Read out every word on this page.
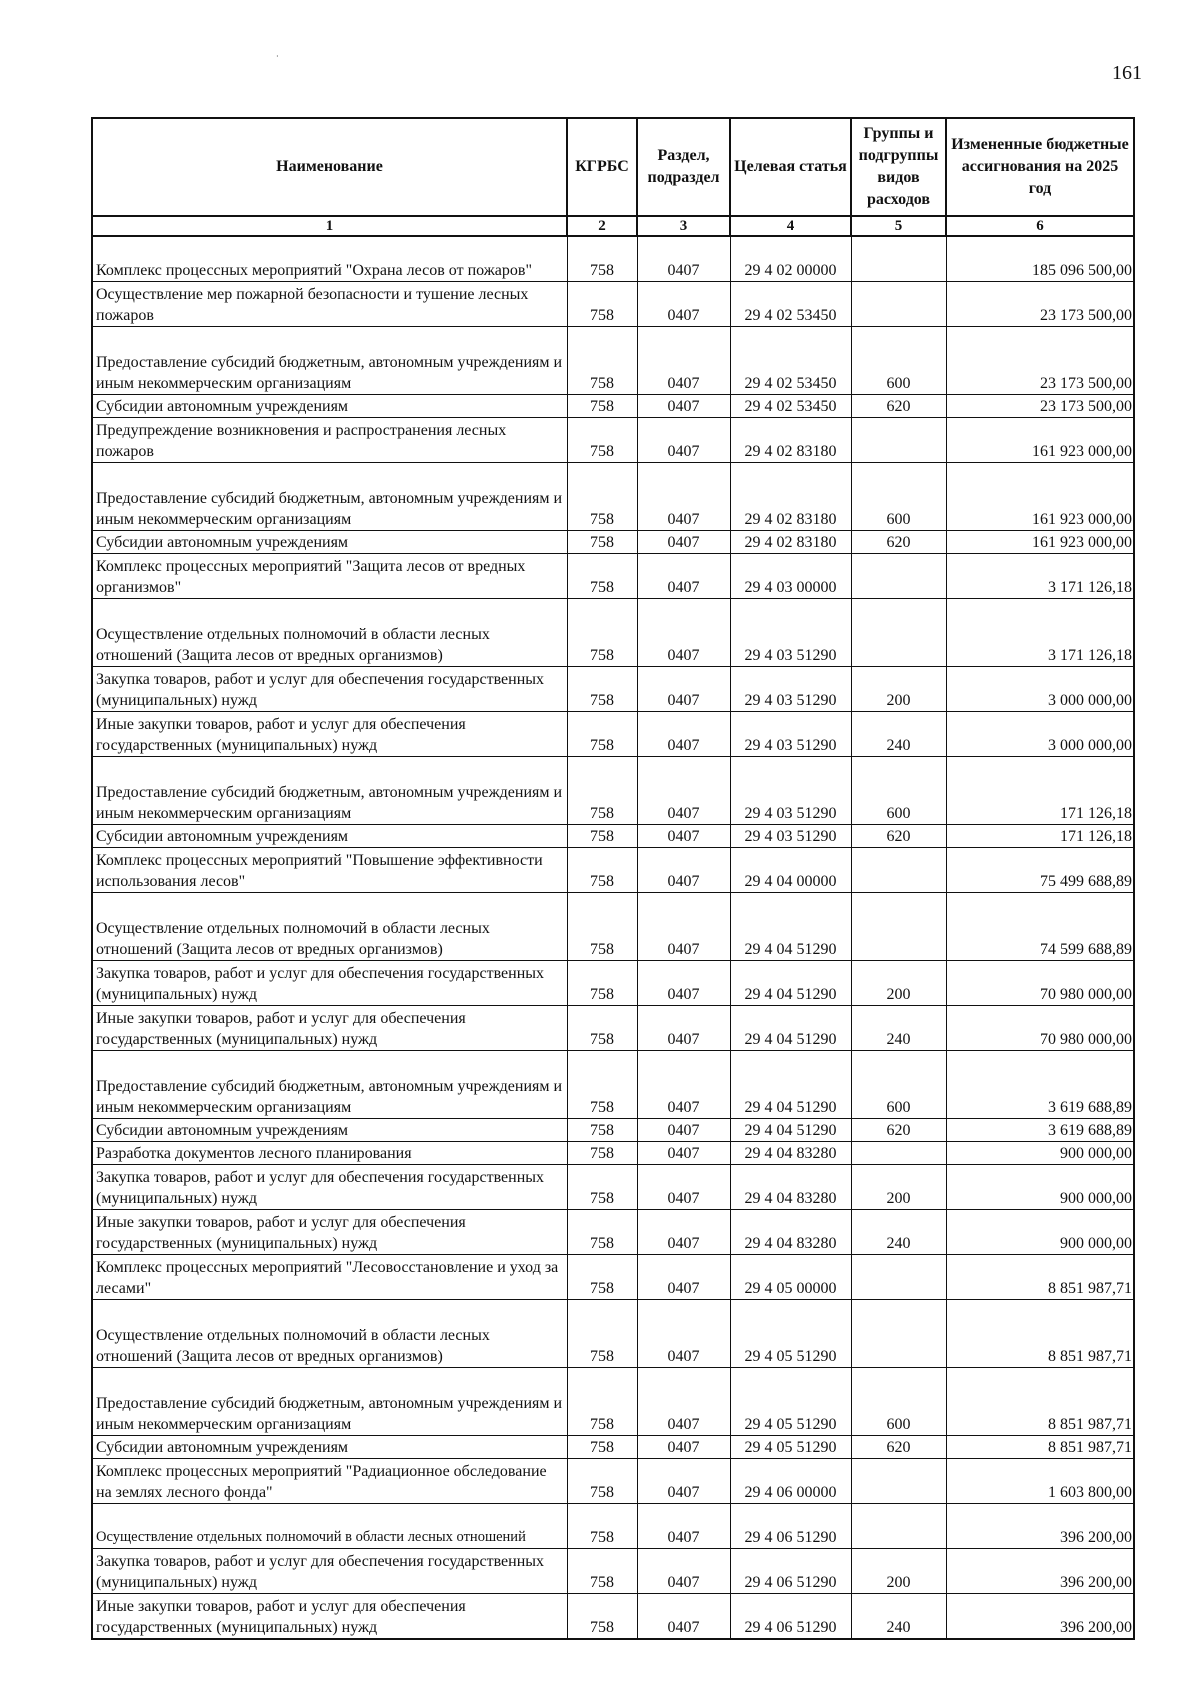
·
161
Наименование	КГРБС	Раздел, подраздел	Целевая статья	Группы и подгруппы видов расходов	Измененные бюджетные ассигнования на 2025 год
1	2	3	4	5	6
Комплекс процессных мероприятий "Охрана лесов от пожаров"	758	0407	29 4 02 00000		185 096 500,00
Осуществление мер пожарной безопасности и тушение лесных пожаров	758	0407	29 4 02 53450		23 173 500,00
Предоставление субсидий бюджетным, автономным учреждениям и иным некоммерческим организациям	758	0407	29 4 02 53450	600	23 173 500,00
Субсидии автономным учреждениям	758	0407	29 4 02 53450	620	23 173 500,00
Предупреждение возникновения и распространения лесных пожаров	758	0407	29 4 02 83180		161 923 000,00
Предоставление субсидий бюджетным, автономным учреждениям и иным некоммерческим организациям	758	0407	29 4 02 83180	600	161 923 000,00
Субсидии автономным учреждениям	758	0407	29 4 02 83180	620	161 923 000,00
Комплекс процессных мероприятий "Защита лесов от вредных организмов"	758	0407	29 4 03 00000		3 171 126,18
Осуществление отдельных полномочий в области лесных отношений (Защита лесов от вредных организмов)	758	0407	29 4 03 51290		3 171 126,18
Закупка товаров, работ и услуг для обеспечения государственных (муниципальных) нужд	758	0407	29 4 03 51290	200	3 000 000,00
Иные закупки товаров, работ и услуг для обеспечения государственных (муниципальных) нужд	758	0407	29 4 03 51290	240	3 000 000,00
Предоставление субсидий бюджетным, автономным учреждениям и иным некоммерческим организациям	758	0407	29 4 03 51290	600	171 126,18
Субсидии автономным учреждениям	758	0407	29 4 03 51290	620	171 126,18
Комплекс процессных мероприятий "Повышение эффективности использования лесов"	758	0407	29 4 04 00000		75 499 688,89
Осуществление отдельных полномочий в области лесных отношений (Защита лесов от вредных организмов)	758	0407	29 4 04 51290		74 599 688,89
Закупка товаров, работ и услуг для обеспечения государственных (муниципальных) нужд	758	0407	29 4 04 51290	200	70 980 000,00
Иные закупки товаров, работ и услуг для обеспечения государственных (муниципальных) нужд	758	0407	29 4 04 51290	240	70 980 000,00
Предоставление субсидий бюджетным, автономным учреждениям и иным некоммерческим организациям	758	0407	29 4 04 51290	600	3 619 688,89
Субсидии автономным учреждениям	758	0407	29 4 04 51290	620	3 619 688,89
Разработка документов лесного планирования	758	0407	29 4 04 83280		900 000,00
Закупка товаров, работ и услуг для обеспечения государственных (муниципальных) нужд	758	0407	29 4 04 83280	200	900 000,00
Иные закупки товаров, работ и услуг для обеспечения государственных (муниципальных) нужд	758	0407	29 4 04 83280	240	900 000,00
Комплекс процессных мероприятий "Лесовосстановление и уход за лесами"	758	0407	29 4 05 00000		8 851 987,71
Осуществление отдельных полномочий в области лесных отношений (Защита лесов от вредных организмов)	758	0407	29 4 05 51290		8 851 987,71
Предоставление субсидий бюджетным, автономным учреждениям и иным некоммерческим организациям	758	0407	29 4 05 51290	600	8 851 987,71
Субсидии автономным учреждениям	758	0407	29 4 05 51290	620	8 851 987,71
Комплекс процессных мероприятий "Радиационное обследование на землях лесного фонда"	758	0407	29 4 06 00000		1 603 800,00
Осуществление отдельных полномочий в области лесных отношений	758	0407	29 4 06 51290		396 200,00
Закупка товаров, работ и услуг для обеспечения государственных (муниципальных) нужд	758	0407	29 4 06 51290	200	396 200,00
Иные закупки товаров, работ и услуг для обеспечения государственных (муниципальных) нужд	758	0407	29 4 06 51290	240	396 200,00
